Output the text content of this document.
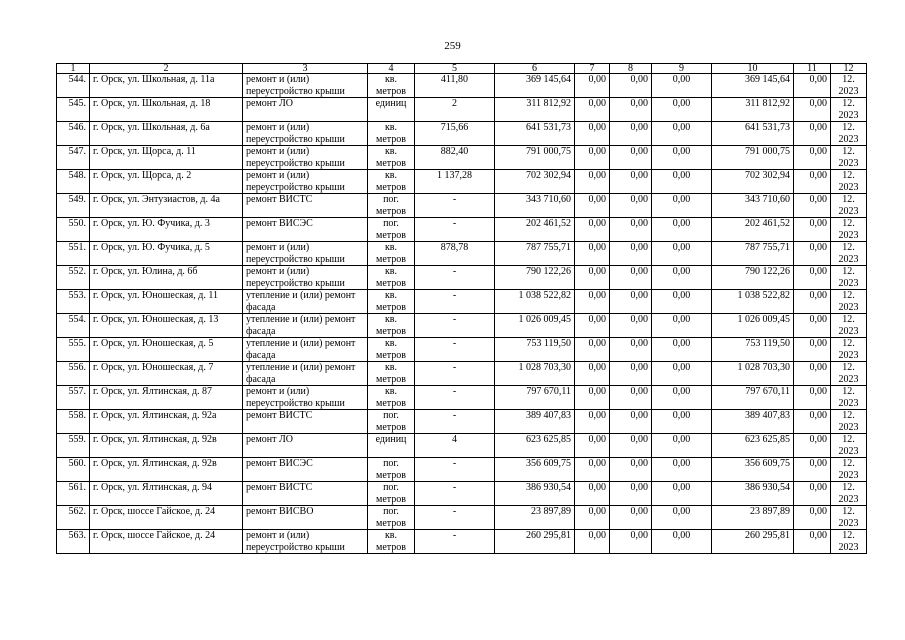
259
1	2	3	4	5	6	7	8	9	10	11	12	
544.	г. Орск, ул. Школьная, д. 11а	ремонт и (или) переустройство крыши	кв. метров	411,80	369 145,64	0,00	0,00	0,00	369 145,64	0,00	12. 2023	
545.	г. Орск, ул. Школьная, д. 18	ремонт ЛО	единиц	2	311 812,92	0,00	0,00	0,00	311 812,92	0,00	12. 2023	
546.	г. Орск, ул. Школьная, д. 6а	ремонт и (или) переустройство крыши	кв. метров	715,66	641 531,73	0,00	0,00	0,00	641 531,73	0,00	12. 2023	
547.	г. Орск, ул. Щорса, д. 11	ремонт и (или) переустройство крыши	кв. метров	882,40	791 000,75	0,00	0,00	0,00	791 000,75	0,00	12. 2023	
548.	г. Орск, ул. Щорса, д. 2	ремонт и (или) переустройство крыши	кв. метров	1 137,28	702 302,94	0,00	0,00	0,00	702 302,94	0,00	12. 2023	
549.	г. Орск, ул. Энтузиастов, д. 4а	ремонт ВИСТС	пог. метров	-	343 710,60	0,00	0,00	0,00	343 710,60	0,00	12. 2023	
550.	г. Орск, ул. Ю. Фучика, д. 3	ремонт ВИСЭС	пог. метров	-	202 461,52	0,00	0,00	0,00	202 461,52	0,00	12. 2023	
551.	г. Орск, ул. Ю. Фучика, д. 5	ремонт и (или) переустройство крыши	кв. метров	878,78	787 755,71	0,00	0,00	0,00	787 755,71	0,00	12. 2023	
552.	г. Орск, ул. Юлина, д. 6б	ремонт и (или) переустройство крыши	кв. метров	-	790 122,26	0,00	0,00	0,00	790 122,26	0,00	12. 2023	
553.	г. Орск, ул. Юношеская, д. 11	утепление и (или) ремонт фасада	кв. метров	-	1 038 522,82	0,00	0,00	0,00	1 038 522,82	0,00	12. 2023	
554.	г. Орск, ул. Юношеская, д. 13	утепление и (или) ремонт фасада	кв. метров	-	1 026 009,45	0,00	0,00	0,00	1 026 009,45	0,00	12. 2023	
555.	г. Орск, ул. Юношеская, д. 5	утепление и (или) ремонт фасада	кв. метров	-	753 119,50	0,00	0,00	0,00	753 119,50	0,00	12. 2023	
556.	г. Орск, ул. Юношеская, д. 7	утепление и (или) ремонт фасада	кв. метров	-	1 028 703,30	0,00	0,00	0,00	1 028 703,30	0,00	12. 2023	
557.	г. Орск, ул. Ялтинская, д. 87	ремонт и (или) переустройство крыши	кв. метров	-	797 670,11	0,00	0,00	0,00	797 670,11	0,00	12. 2023	
558.	г. Орск, ул. Ялтинская, д. 92а	ремонт ВИСТС	пог. метров	-	389 407,83	0,00	0,00	0,00	389 407,83	0,00	12. 2023	
559.	г. Орск, ул. Ялтинская, д. 92в	ремонт ЛО	единиц	4	623 625,85	0,00	0,00	0,00	623 625,85	0,00	12. 2023	
560.	г. Орск, ул. Ялтинская, д. 92в	ремонт ВИСЭС	пог. метров	-	356 609,75	0,00	0,00	0,00	356 609,75	0,00	12. 2023	
561.	г. Орск, ул. Ялтинская, д. 94	ремонт ВИСТС	пог. метров	-	386 930,54	0,00	0,00	0,00	386 930,54	0,00	12. 2023	
562.	г. Орск, шоссе Гайское, д. 24	ремонт ВИСВО	пог. метров	-	23 897,89	0,00	0,00	0,00	23 897,89	0,00	12. 2023	
563.	г. Орск, шоссе Гайское, д. 24	ремонт и (или) переустройство крыши	кв. метров	-	260 295,81	0,00	0,00	0,00	260 295,81	0,00	12. 2023	
